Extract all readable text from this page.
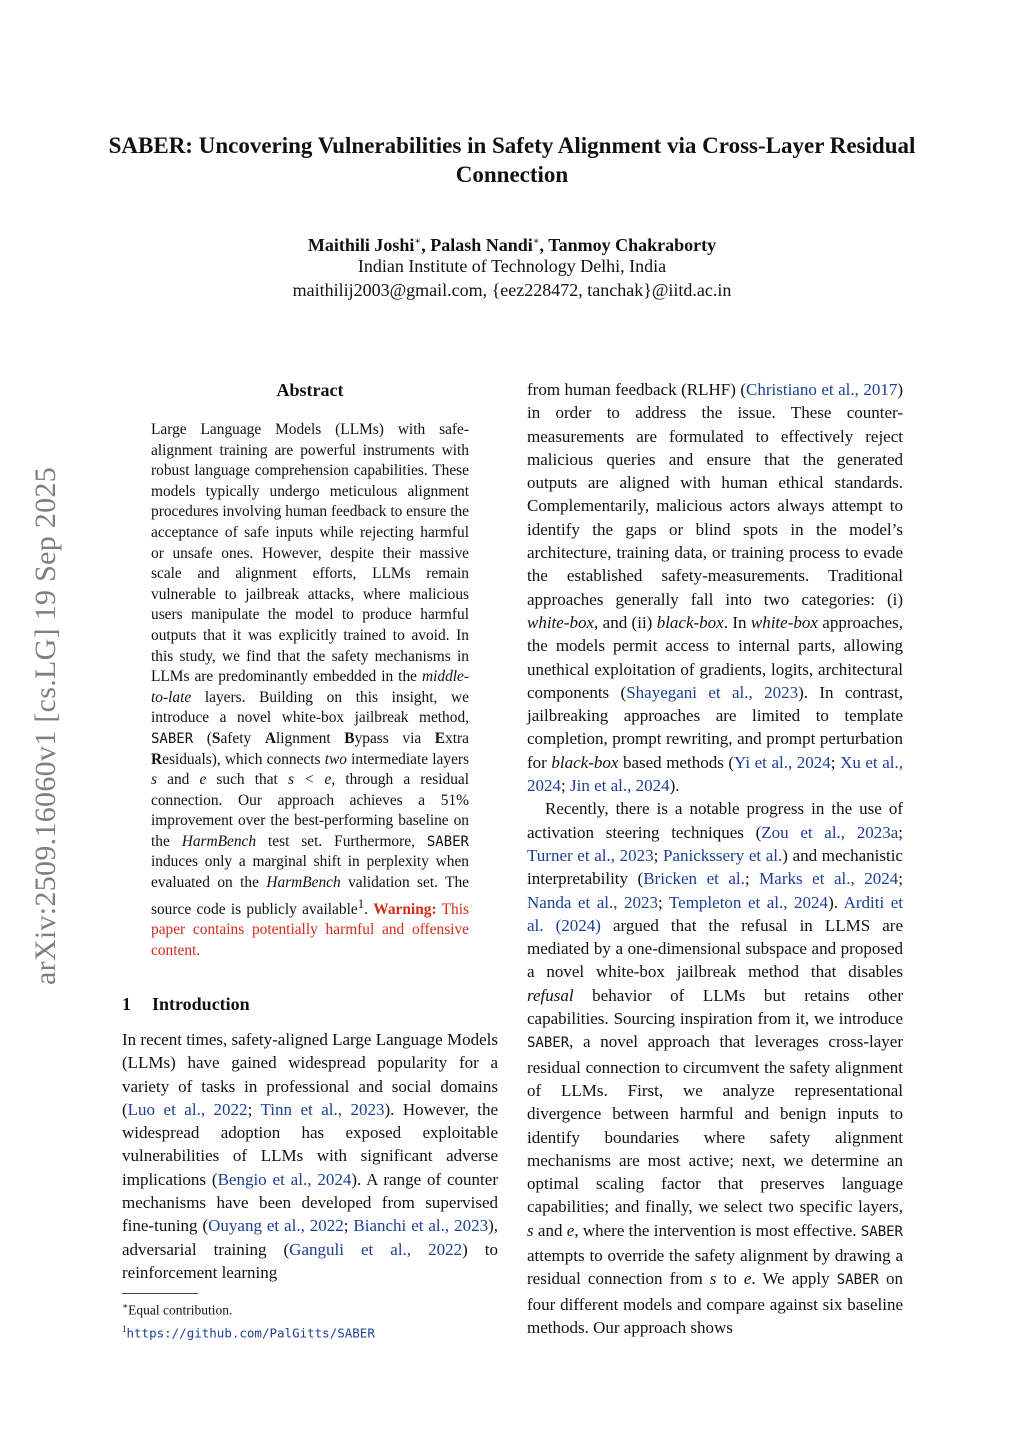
arXiv:2509.16060v1 [cs.LG] 19 Sep 2025
SABER: Uncovering Vulnerabilities in Safety Alignment via Cross-Layer Residual Connection
Maithili Joshi∗, Palash Nandi∗, Tanmoy Chakraborty
Indian Institute of Technology Delhi, India
maithilij2003@gmail.com, {eez228472, tanchak}@iitd.ac.in
Abstract
Large Language Models (LLMs) with safe-alignment training are powerful instruments with robust language comprehension capabilities. These models typically undergo meticulous alignment procedures involving human feedback to ensure the acceptance of safe inputs while rejecting harmful or unsafe ones. However, despite their massive scale and alignment efforts, LLMs remain vulnerable to jailbreak attacks, where malicious users manipulate the model to produce harmful outputs that it was explicitly trained to avoid. In this study, we find that the safety mechanisms in LLMs are predominantly embedded in the middle-to-late layers. Building on this insight, we introduce a novel white-box jailbreak method, SABER (Safety Alignment Bypass via Extra Residuals), which connects two intermediate layers s and e such that s < e, through a residual connection. Our approach achieves a 51% improvement over the best-performing baseline on the HarmBench test set. Furthermore, SABER induces only a marginal shift in perplexity when evaluated on the HarmBench validation set. The source code is publicly available$^1$. Warning: This paper contains potentially harmful and offensive content.
1 Introduction

In recent times, safety-aligned Large Language Models (LLMs) have gained widespread popularity for a variety of tasks in professional and social domains (Luo et al., 2022; Tinn et al., 2023). However, the widespread adoption has exposed exploitable vulnerabilities of LLMs with significant adverse implications (Bengio et al., 2024). A range of counter mechanisms have been developed from supervised fine-tuning (Ouyang et al., 2022; Bianchi et al., 2023), adversarial training (Ganguli et al., 2022) to reinforcement learning

from human feedback (RLHF) (Christiano et al., 2017) in order to address the issue. These counter-measurements are formulated to effectively reject malicious queries and ensure that the generated outputs are aligned with human ethical standards. Complementarily, malicious actors always attempt to identify the gaps or blind spots in the model’s architecture, training data, or training process to evade the established safety-measurements. Traditional approaches generally fall into two categories: (i) white-box, and (ii) black-box. In white-box approaches, the models permit access to internal parts, allowing unethical exploitation of gradients, logits, architectural components (Shayegani et al., 2023). In contrast, jailbreaking approaches are limited to template completion, prompt rewriting, and prompt perturbation for black-box based methods (Yi et al., 2024; Xu et al., 2024; Jin et al., 2024).

Recently, there is a notable progress in the use of activation steering techniques (Zou et al., 2023a; Turner et al., 2023; Panickssery et al.) and mechanistic interpretability (Bricken et al.; Marks et al., 2024; Nanda et al., 2023; Templeton et al., 2024). Arditi et al. (2024) argued that the refusal in LLMS are mediated by a one-dimensional subspace and proposed a novel white-box jailbreak method that disables refusal behavior of LLMs but retains other capabilities. Sourcing inspiration from it, we introduce SABER, a novel approach that leverages cross-layer residual connection to circumvent the safety alignment of LLMs. First, we analyze representational divergence between harmful and benign inputs to identify boundaries where safety alignment mechanisms are most active; next, we determine an optimal scaling factor that preserves language capabilities; and finally, we select two specific layers, s and e, where the intervention is most effective. SABER attempts to override the safety alignment by drawing a residual connection from s to e. We apply SABER on four different models and compare against six baseline methods. Our approach shows

∗Equal contribution.
$^1$https://github.com/PalGitts/SABER
